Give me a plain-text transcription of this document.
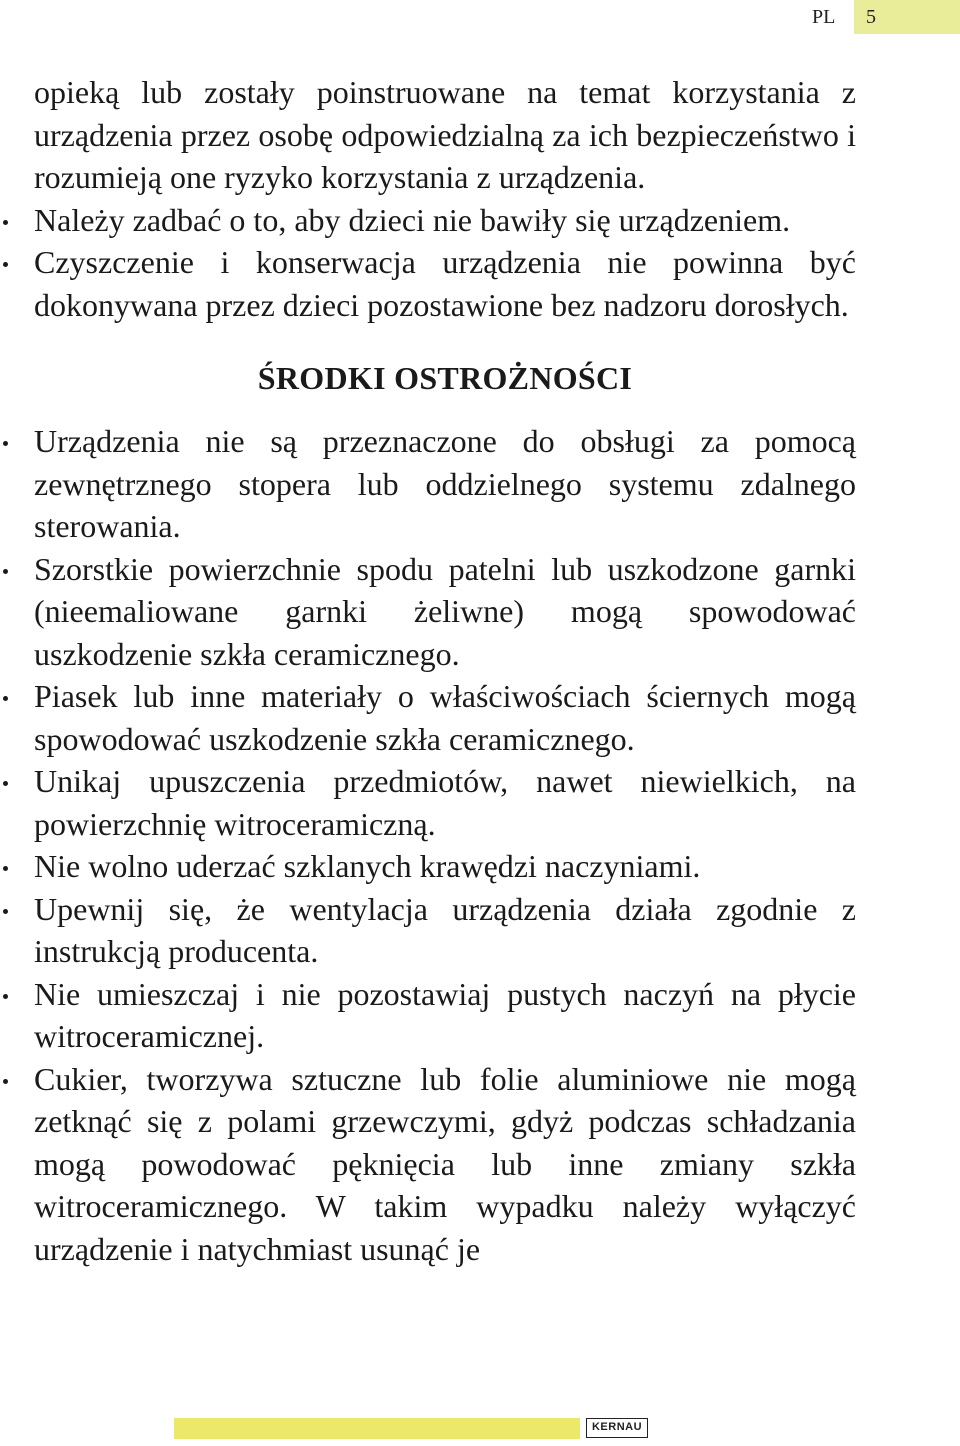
PL	5

opieką lub zostały poinstruowane na temat korzystania z urządzenia przez osobę odpowiedzialną za ich bezpieczeństwo i rozumieją one ryzyko korzystania z urządzenia.

Należy zadbać o to, aby dzieci nie bawiły się urządzeniem.
Czyszczenie i konserwacja urządzenia nie powinna być dokonywana przez dzieci pozostawione bez nadzoru dorosłych.
ŚRODKI OSTROŻNOŚCI
Urządzenia nie są przeznaczone do obsługi za pomocą zewnętrznego stopera lub oddzielnego systemu zdalnego sterowania.
Szorstkie powierzchnie spodu patelni lub uszkodzone garnki (nieemaliowane garnki żeliwne) mogą spowodować uszkodzenie szkła ceramicznego.
Piasek lub inne materiały o właściwościach ściernych mogą spowodować uszkodzenie szkła ceramicznego.
Unikaj upuszczenia przedmiotów, nawet niewielkich, na powierzchnię witroceramiczną.
Nie wolno uderzać szklanych krawędzi naczyniami.
Upewnij się, że wentylacja urządzenia działa zgodnie z instrukcją producenta.
Nie umieszczaj i nie pozostawiaj pustych naczyń na płycie witroceramicznej.
Cukier, tworzywa sztuczne lub folie aluminiowe nie mogą zetknąć się z polami grzewczymi, gdyż podczas schładzania mogą powodować pęknięcia lub inne zmiany szkła witroceramicznego. W takim wypadku należy wyłączyć urządzenie i natychmiast usunąć je
KERNAU
